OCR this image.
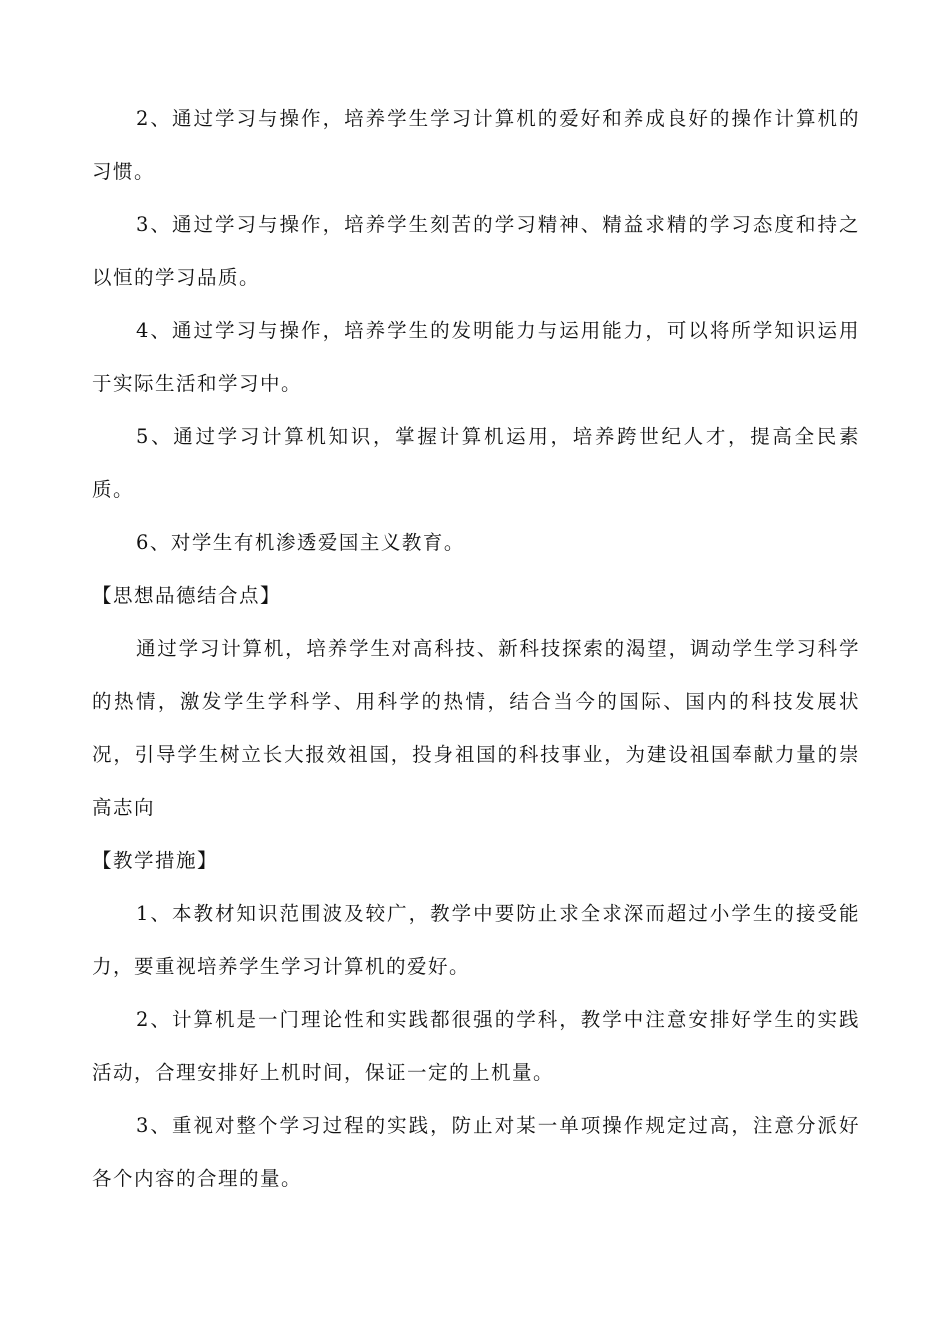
2、通过学习与操作，培养学生学习计算机的爱好和养成良好的操作计算机的习惯。

3、通过学习与操作，培养学生刻苦的学习精神、精益求精的学习态度和持之以恒的学习品质。

4、通过学习与操作，培养学生的发明能力与运用能力，可以将所学知识运用于实际生活和学习中。

5、通过学习计算机知识，掌握计算机运用，培养跨世纪人才，提高全民素质。

6、对学生有机渗透爱国主义教育。

【思想品德结合点】

通过学习计算机，培养学生对高科技、新科技探索的渴望，调动学生学习科学的热情，激发学生学科学、用科学的热情，结合当今的国际、国内的科技发展状况，引导学生树立长大报效祖国，投身祖国的科技事业，为建设祖国奉献力量的崇高志向

【教学措施】

1、本教材知识范围波及较广，教学中要防止求全求深而超过小学生的接受能力，要重视培养学生学习计算机的爱好。

2、计算机是一门理论性和实践都很强的学科，教学中注意安排好学生的实践活动，合理安排好上机时间，保证一定的上机量。

3、重视对整个学习过程的实践，防止对某一单项操作规定过高，注意分派好各个内容的合理的量。
